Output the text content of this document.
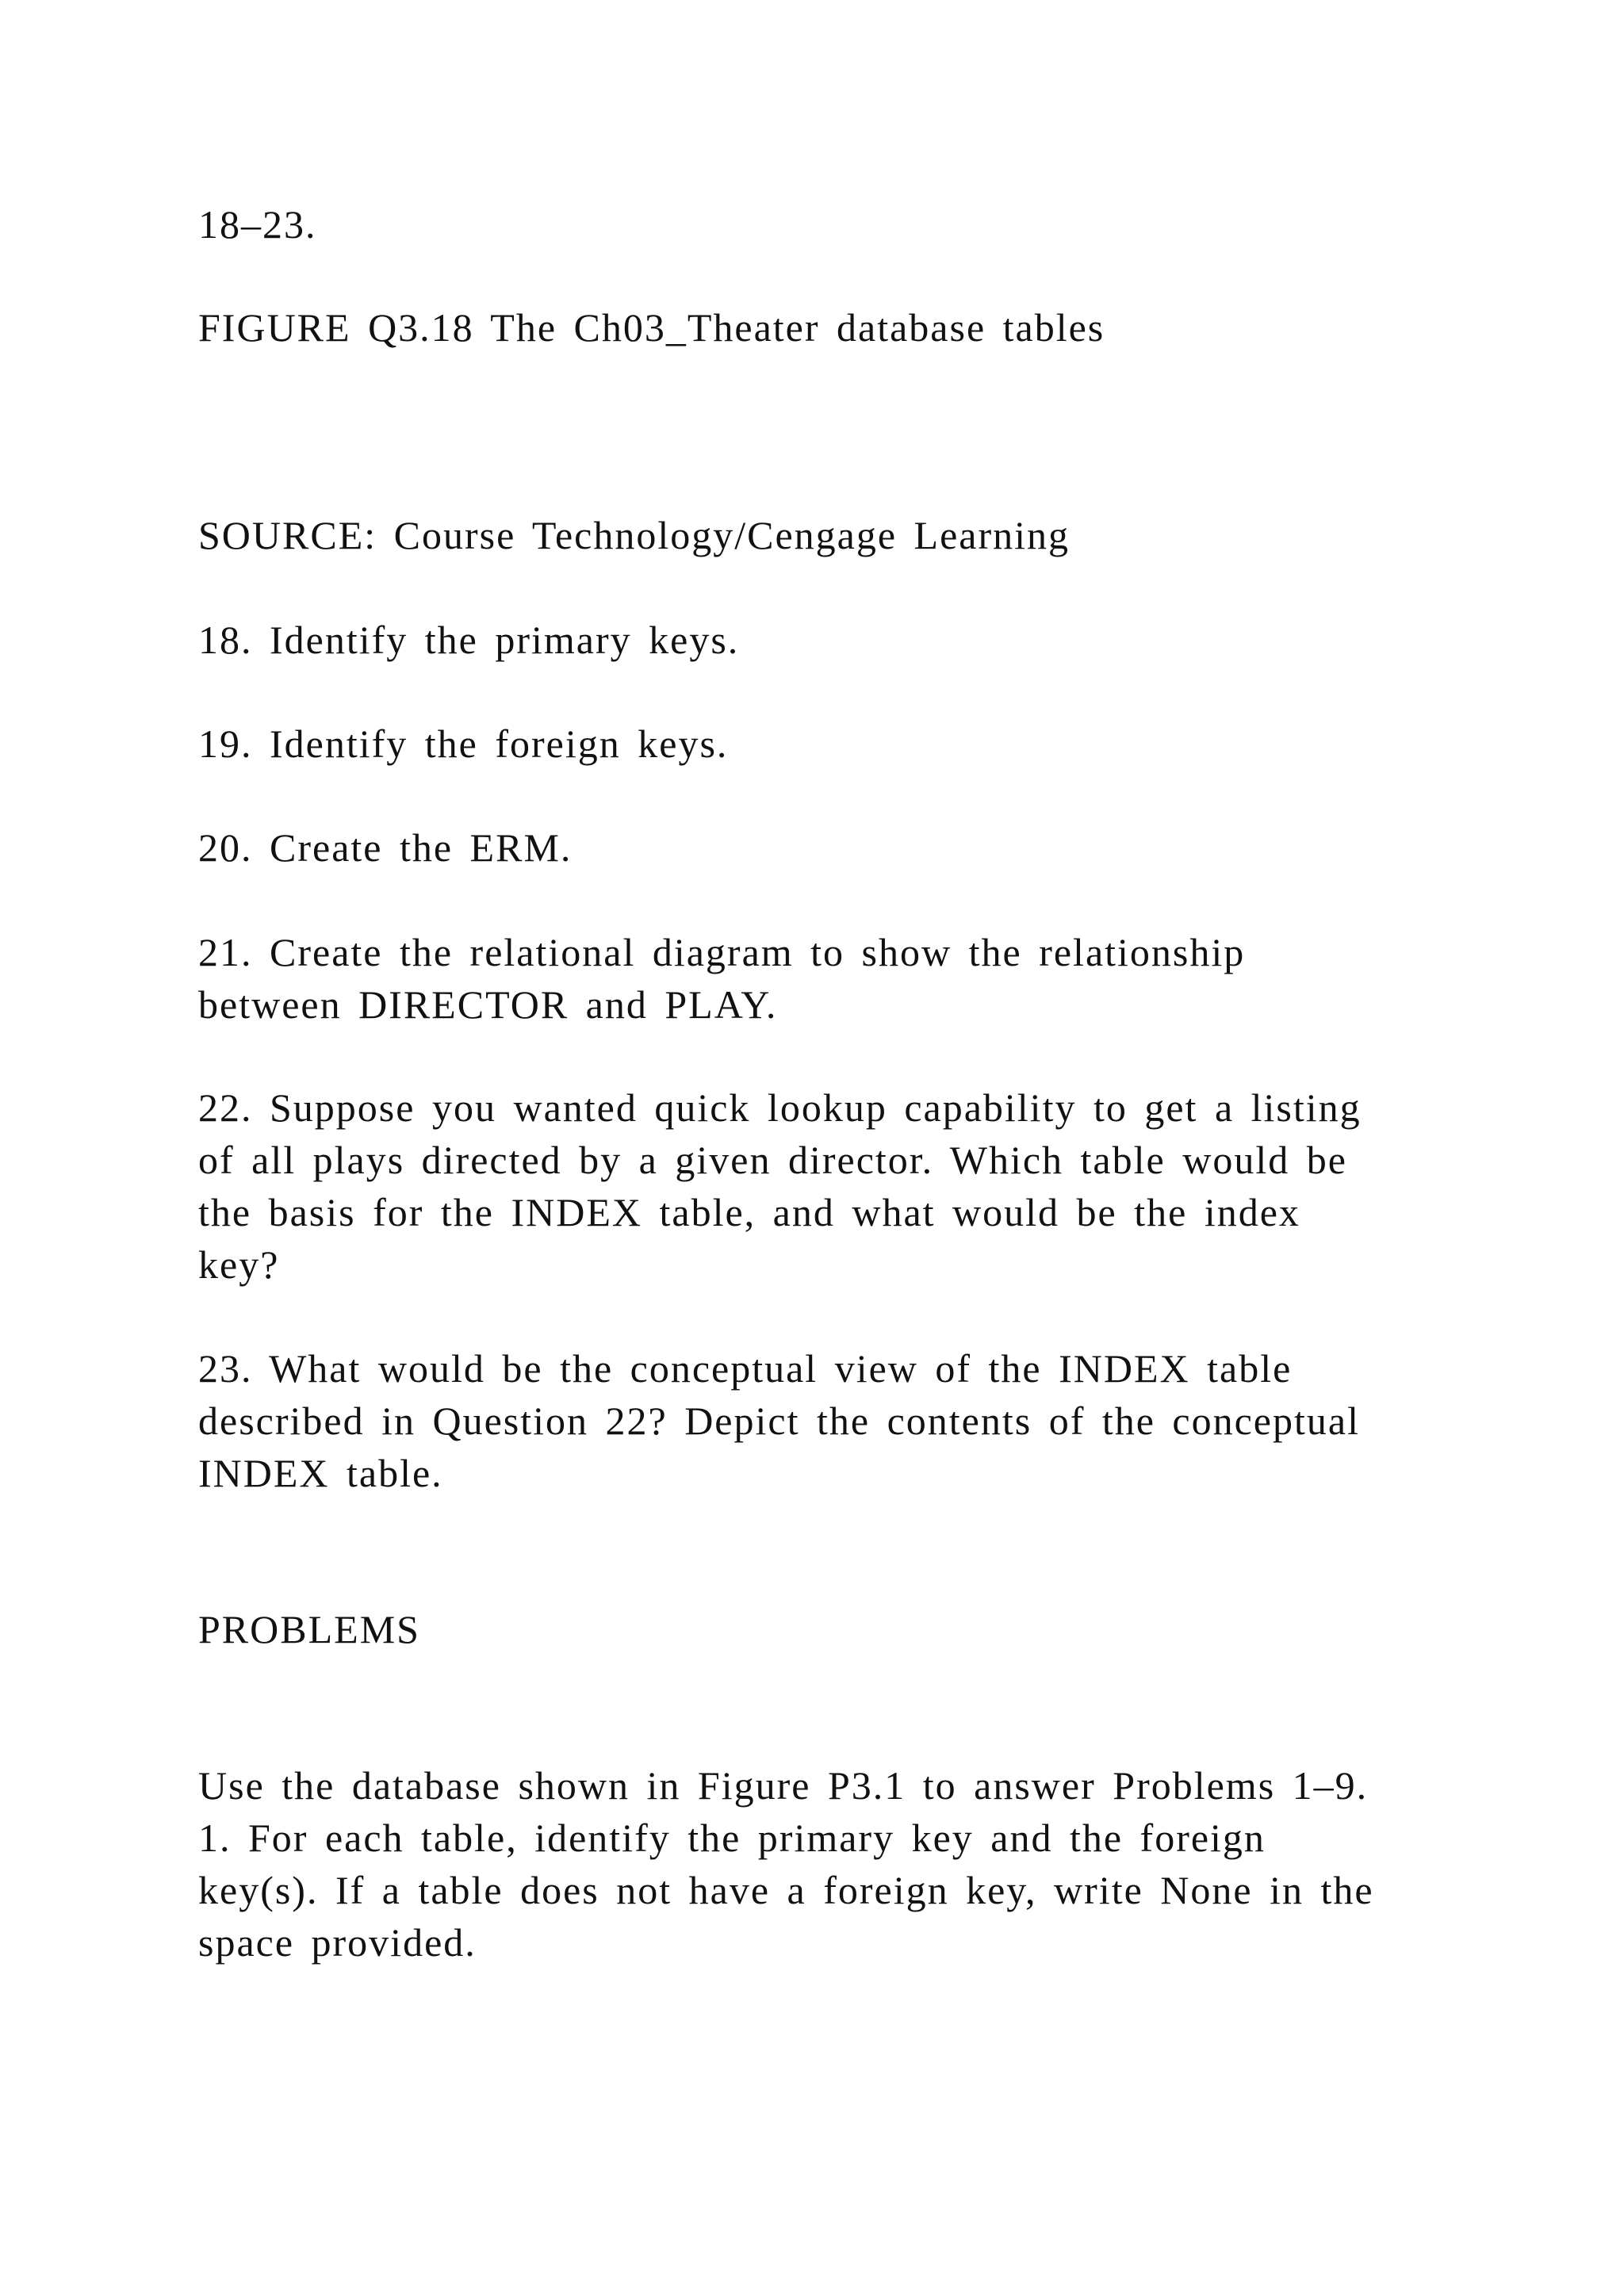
18–23.

FIGURE Q3.18 The Ch03_Theater database tables

SOURCE: Course Technology/Cengage Learning

18. Identify the primary keys.

19. Identify the foreign keys.

20. Create the ERM.

21. Create the relational diagram to show the relationship
between DIRECTOR and PLAY.

22. Suppose you wanted quick lookup capability to get a listing
of all plays directed by a given director. Which table would be
the basis for the INDEX table, and what would be the index
key?

23. What would be the conceptual view of the INDEX table
described in Question 22? Depict the contents of the conceptual
INDEX table.

PROBLEMS

Use the database shown in Figure P3.1 to answer Problems 1–9.
1. For each table, identify the primary key and the foreign
key(s). If a table does not have a foreign key, write None in the
space provided.
